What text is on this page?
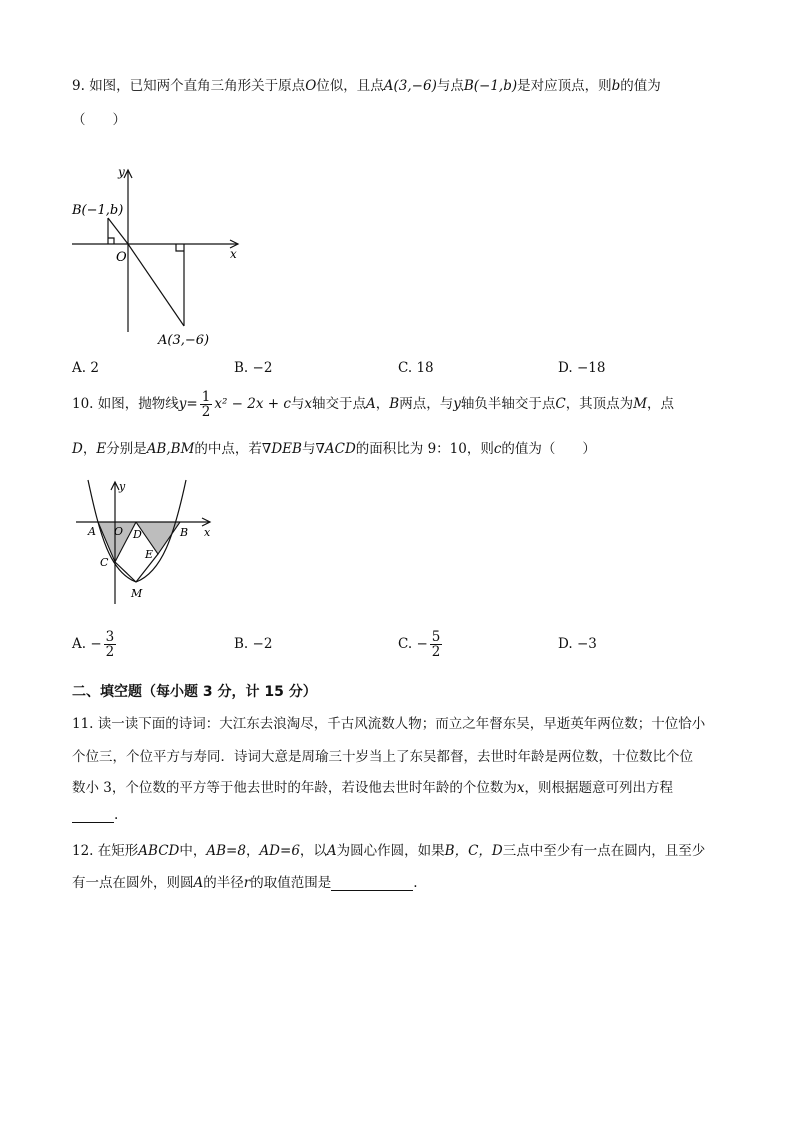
9. 如图，已知两个直角三角形关于原点O位似，且点A(3,−6)与点B(−1,b)是对应顶点，则b的值为
（　　）
y
x
O
B(−1,b)
A(3,−6)
A. 2	B. −2	C. 18	D. −18
10. 如图，抛物线$y= \frac{1}{2} x^2 - 2x + c$与x轴交于点A，B两点，与y轴负半轴交于点C，其顶点为M，点
D，E分别是AB,BM的中点，若∇DEB与∇ACD的面积比为 9：10，则c的值为（　　）
y
x
A O D	B
E
C
M
A. − $\frac{3}{2}$	B. −2	C. − $\frac{5}{2}$	D. −3
二、填空题（每小题 3 分，计 15 分）
11. 读一读下面的诗词：大江东去浪淘尽，千古风流数人物；而立之年督东吴，早逝英年两位数；十位恰小
个位三，个位平方与寿同．诗词大意是周瑜三十岁当上了东吴都督，去世时年龄是两位数，十位数比个位
数小 3，个位数的平方等于他去世时的年龄，若设他去世时年龄的个位数为x，则根据题意可列出方程
.
12. 在矩形ABCD中，AB=8，AD=6，以A为圆心作圆，如果B，C，D三点中至少有一点在圆内，且至少
有一点在圆外，则圆A的半径r的取值范围是	.
